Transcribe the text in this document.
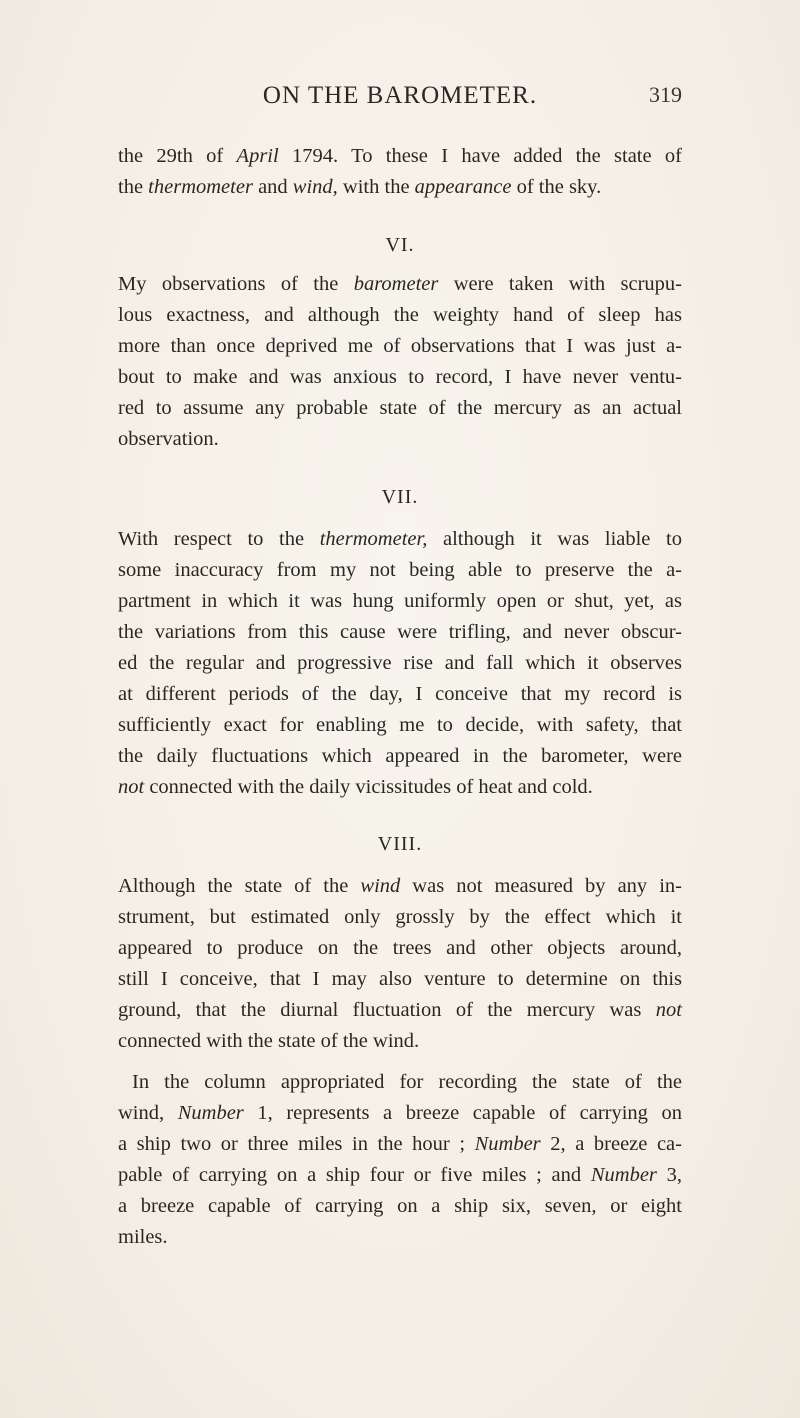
ON THE BAROMETER.	319
the 29th of April 1794. To these I have added the state of
the thermometer and wind, with the appearance of the sky.
VI.
My observations of the barometer were taken with scrupu-
lous exactness, and although the weighty hand of sleep has
more than once deprived me of observations that I was just a-
bout to make and was anxious to record, I have never ventu-
red to assume any probable state of the mercury as an actual
observation.
VII.
With respect to the thermometer, although it was liable to
some inaccuracy from my not being able to preserve the a-
partment in which it was hung uniformly open or shut, yet, as
the variations from this cause were trifling, and never obscur-
ed the regular and progressive rise and fall which it observes
at different periods of the day, I conceive that my record is
sufficiently exact for enabling me to decide, with safety, that
the daily fluctuations which appeared in the barometer, were
not connected with the daily vicissitudes of heat and cold.
VIII.
Although the state of the wind was not measured by any in-
strument, but estimated only grossly by the effect which it
appeared to produce on the trees and other objects around,
still I conceive, that I may also venture to determine on this
ground, that the diurnal fluctuation of the mercury was not
connected with the state of the wind.
In the column appropriated for recording the state of the
wind, Number 1, represents a breeze capable of carrying on
a ship two or three miles in the hour ; Number 2, a breeze ca-
pable of carrying on a ship four or five miles ; and Number 3,
a breeze capable of carrying on a ship six, seven, or eight
miles.
